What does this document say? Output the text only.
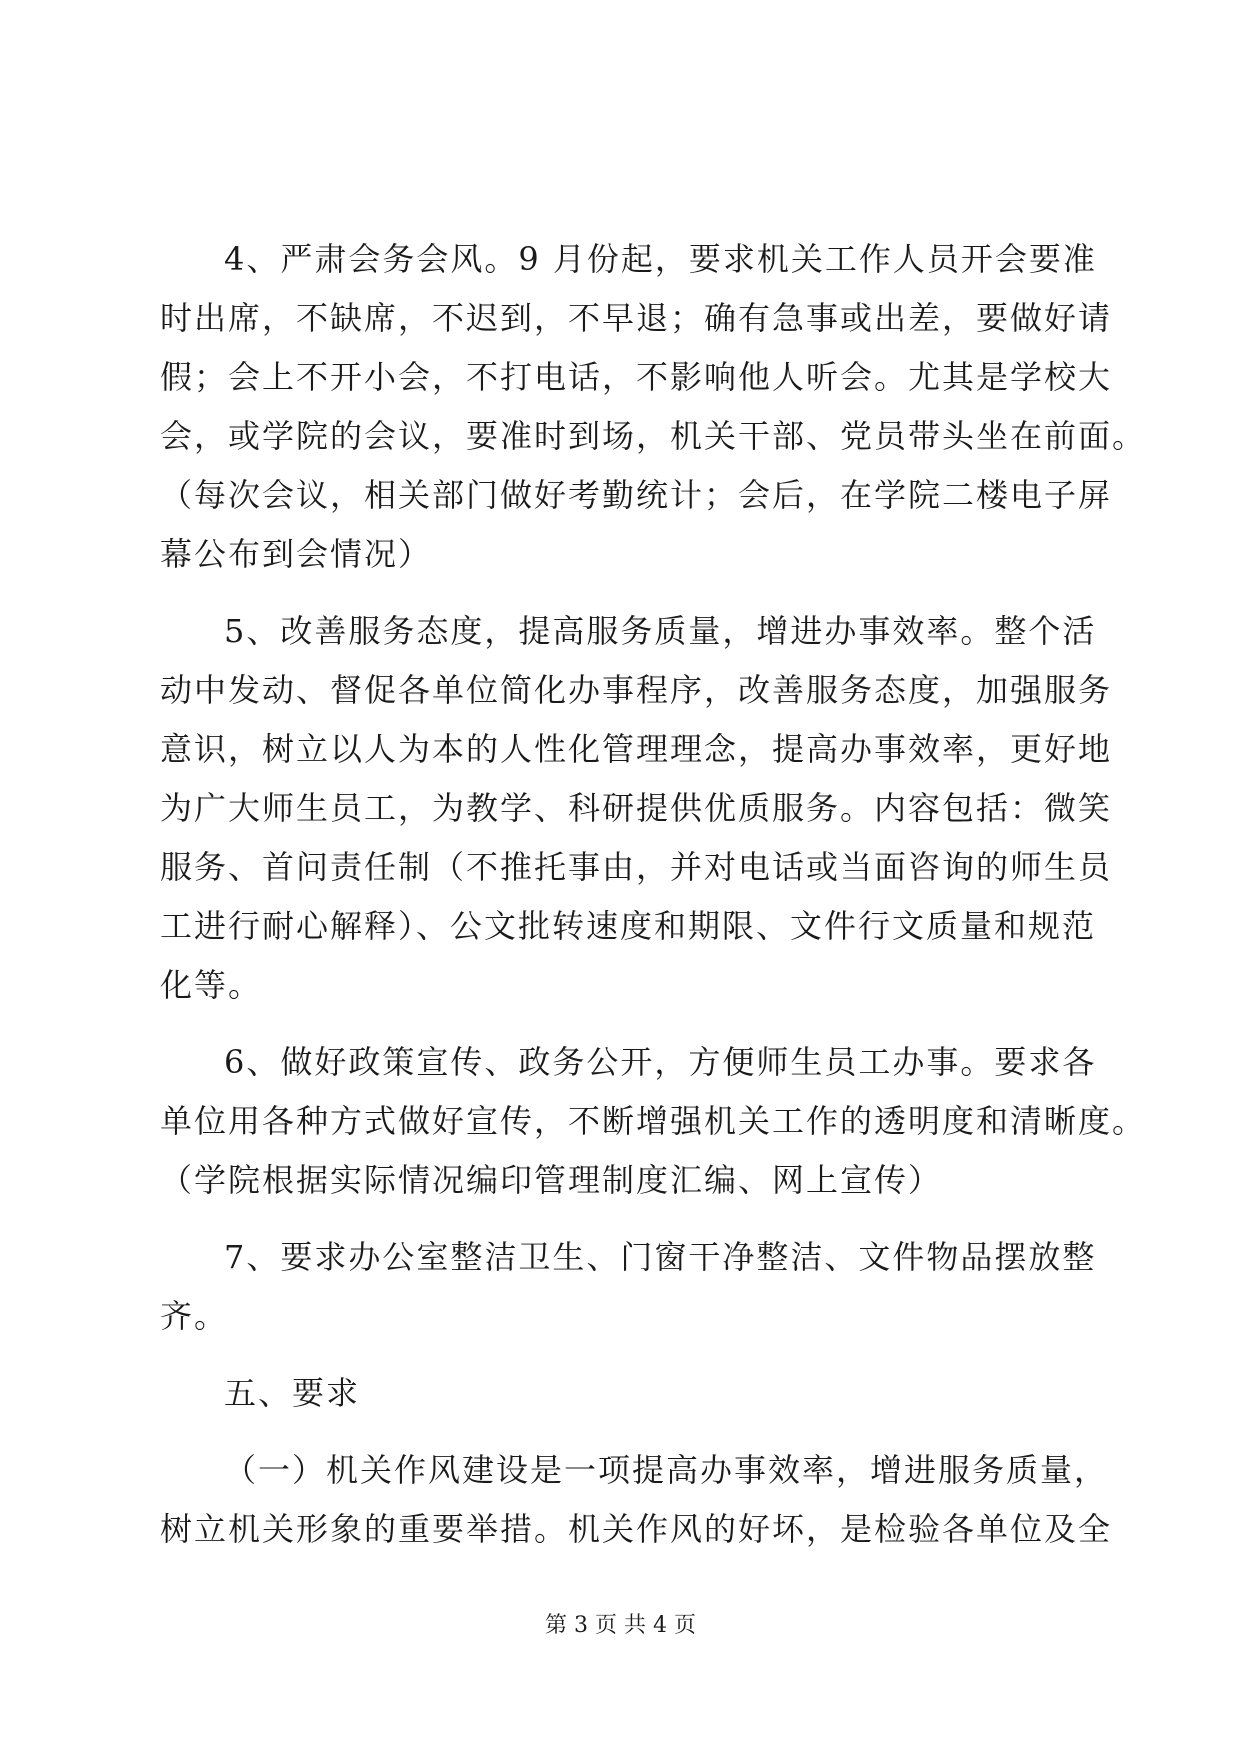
4、严肃会务会风。9 月份起，要求机关工作人员开会要准
时出席，不缺席，不迟到，不早退；确有急事或出差，要做好请
假；会上不开小会，不打电话，不影响他人听会。尤其是学校大
会，或学院的会议，要准时到场，机关干部、党员带头坐在前面。
（每次会议，相关部门做好考勤统计；会后，在学院二楼电子屏
幕公布到会情况）
5、改善服务态度，提高服务质量，增进办事效率。整个活
动中发动、督促各单位简化办事程序，改善服务态度，加强服务
意识，树立以人为本的人性化管理理念，提高办事效率，更好地
为广大师生员工，为教学、科研提供优质服务。内容包括：微笑
服务、首问责任制（不推托事由，并对电话或当面咨询的师生员
工进行耐心解释）、公文批转速度和期限、文件行文质量和规范
化等。
6、做好政策宣传、政务公开，方便师生员工办事。要求各
单位用各种方式做好宣传，不断增强机关工作的透明度和清晰度。
（学院根据实际情况编印管理制度汇编、网上宣传）
7、要求办公室整洁卫生、门窗干净整洁、文件物品摆放整
齐。
五、要求
（一）机关作风建设是一项提高办事效率，增进服务质量，
树立机关形象的重要举措。机关作风的好坏，是检验各单位及全
第 3 页 共 4 页
